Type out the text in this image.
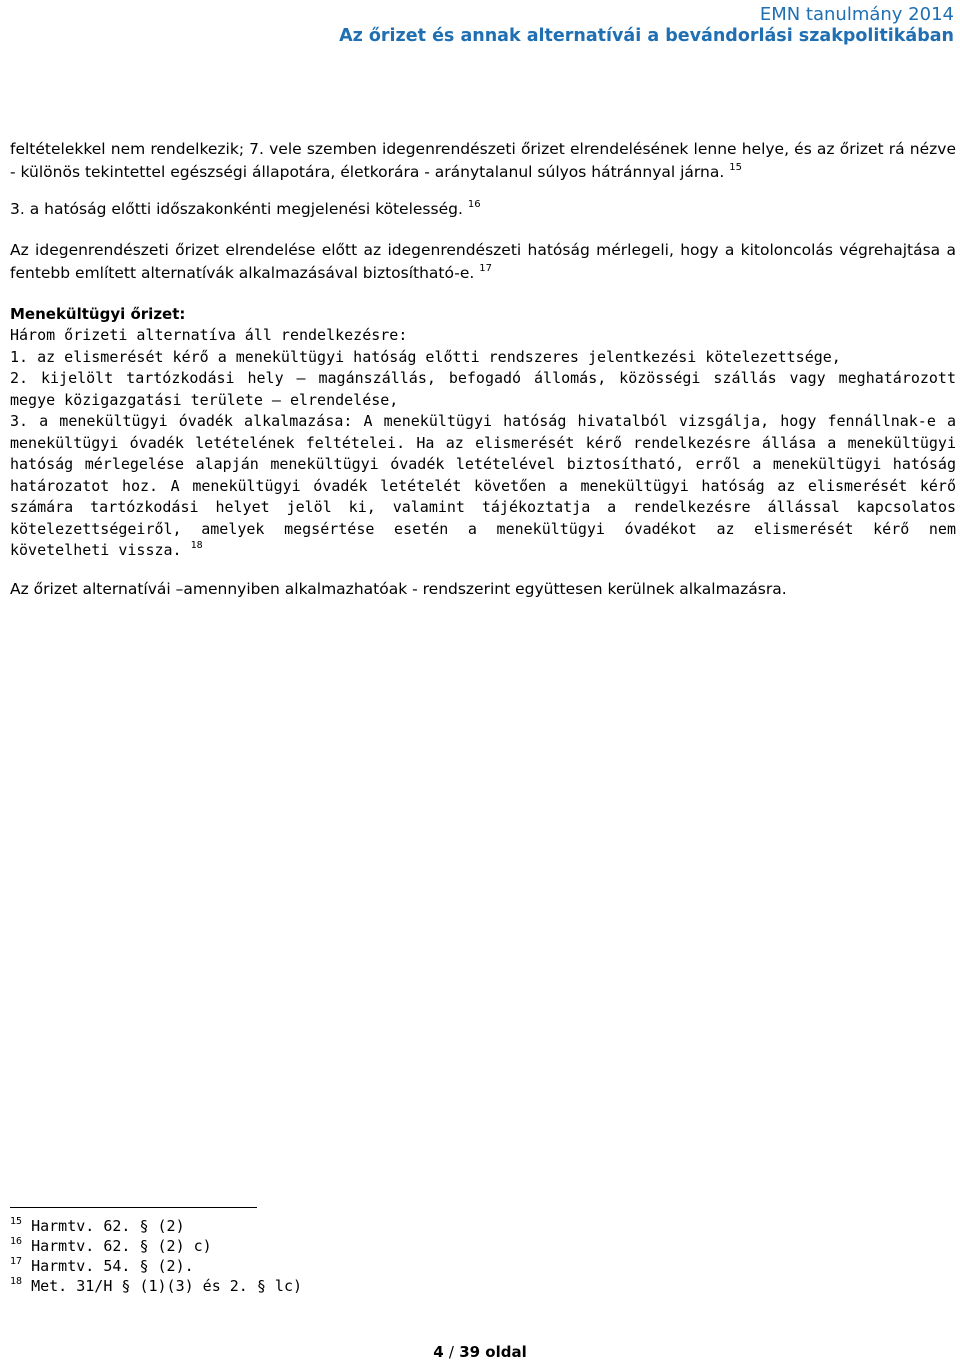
EMN tanulmány 2014
Az őrizet és annak alternatívái a bevándorlási szakpolitikában

feltételekkel nem rendelkezik; 7. vele szemben idegenrendészeti őrizet elrendelésének lenne helye, és az őrizet rá nézve - különös tekintettel egészségi állapotára, életkorára - aránytalanul súlyos hátránnyal járna. $^{15}$

3. a hatóság előtti időszakonkénti megjelenési kötelesség. $^{16}$

Az idegenrendészeti őrizet elrendelése előtt az idegenrendészeti hatóság mérlegeli, hogy a kitoloncolás végrehajtása a fentebb említett alternatívák alkalmazásával biztosítható-e. $^{17}$

Menekültügyi őrizet:

Három őrizeti alternatíva áll rendelkezésre:

1. az elismerését kérő a menekültügyi hatóság előtti rendszeres jelentkezési kötelezettsége,

2. kijelölt tartózkodási hely – magánszállás, befogadó állomás, közösségi szállás vagy meghatározott megye közigazgatási területe – elrendelése,

3. a menekültügyi óvadék alkalmazása: A menekültügyi hatóság hivatalból vizsgálja, hogy fennállnak-e a menekültügyi óvadék letételének feltételei. Ha az elismerését kérő rendelkezésre állása a menekültügyi hatóság mérlegelése alapján menekültügyi óvadék letételével biztosítható, erről a menekültügyi hatóság határozatot hoz. A menekültügyi óvadék letételét követően a menekültügyi hatóság az elismerését kérő számára tartózkodási helyet jelöl ki, valamint tájékoztatja a rendelkezésre állással kapcsolatos kötelezettségeiről, amelyek megsértése esetén a menekültügyi óvadékot az elismerését kérő nem követelheti vissza. $^{18}$

Az őrizet alternatívái –amennyiben alkalmazhatóak - rendszerint együttesen kerülnek alkalmazásra.

$^{15}$ Harmtv. 62. § (2)

$^{16}$ Harmtv. 62. § (2) c)

$^{17}$ Harmtv. 54. § (2).

$^{18}$ Met. 31/H § (1)(3) és 2. § lc)

4 / 39 oldal
